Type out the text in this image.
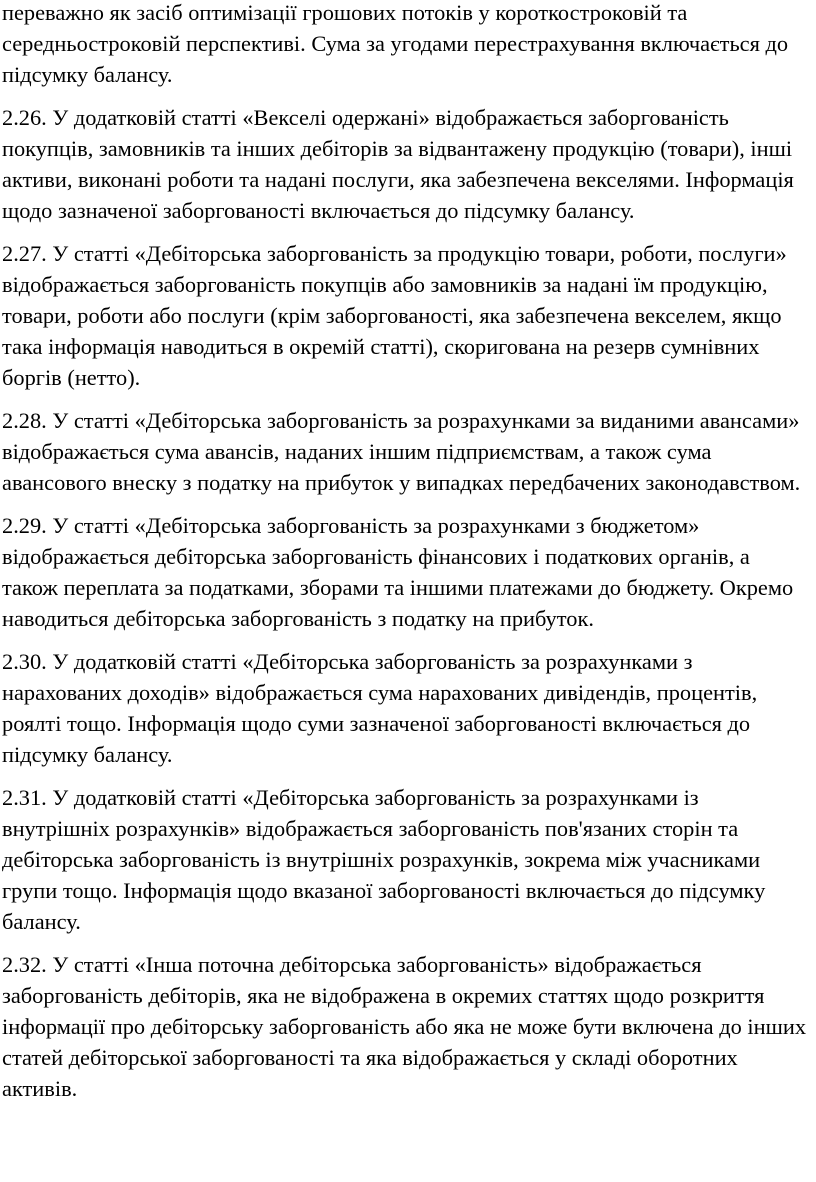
переважно як засіб оптимізації грошових потоків у короткостроковій та середньостроковій перспективі. Сума за угодами перестрахування включається до підсумку балансу.

2.26. У додатковій статті «Векселі одержані» відображається заборгованість покупців, замовників та інших дебіторів за відвантажену продукцію (товари), інші активи, виконані роботи та надані послуги, яка забезпечена векселями. Інформація щодо зазначеної заборгованості включається до підсумку балансу.

2.27. У статті «Дебіторська заборгованість за продукцію товари, роботи, послуги» відображається заборгованість покупців або замовників за надані їм продукцію, товари, роботи або послуги (крім заборгованості, яка забезпечена векселем, якщо така інформація наводиться в окремій статті), скоригована на резерв сумнівних боргів (нетто).

2.28. У статті «Дебіторська заборгованість за розрахунками за виданими авансами» відображається сума авансів, наданих іншим підприємствам, а також сума авансового внеску з податку на прибуток у випадках передбачених законодавством.

2.29. У статті «Дебіторська заборгованість за розрахунками з бюджетом» відображається дебіторська заборгованість фінансових і податкових органів, а також переплата за податками, зборами та іншими платежами до бюджету. Окремо наводиться дебіторська заборгованість з податку на прибуток.

2.30. У додатковій статті «Дебіторська заборгованість за розрахунками з нарахованих доходів» відображається сума нарахованих дивідендів, процентів, роялті тощо. Інформація щодо суми зазначеної заборгованості включається до підсумку балансу.

2.31. У додатковій статті «Дебіторська заборгованість за розрахунками із внутрішніх розрахунків» відображається заборгованість пов'язаних сторін та дебіторська заборгованість із внутрішніх розрахунків, зокрема між учасниками групи тощо. Інформація щодо вказаної заборгованості включається до підсумку балансу.

2.32. У статті «Інша поточна дебіторська заборгованість» відображається заборгованість дебіторів, яка не відображена в окремих статтях щодо розкриття інформації про дебіторську заборгованість або яка не може бути включена до інших статей дебіторської заборгованості та яка відображається у складі оборотних активів.
